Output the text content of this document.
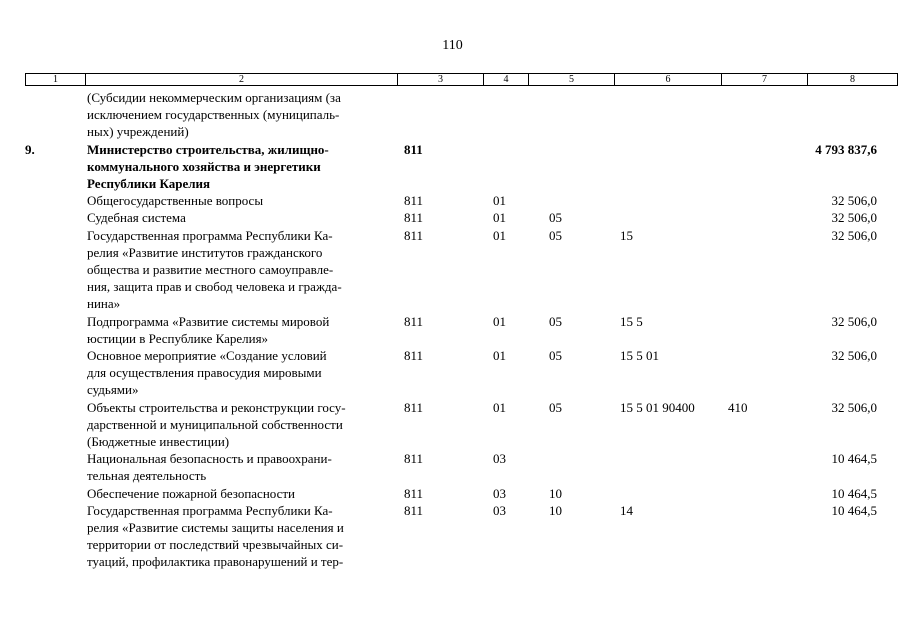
110
1	2	3	4	5	6	7	8
	(Субсидии некоммерческим организациям (за
исключением государственных (муниципаль-
ных) учреждений)						
9.	Министерство строительства, жилищно-
коммунального хозяйства и энергетики
Республики Карелия	811					4 793 837,6
	Общегосударственные вопросы	811	01				32 506,0
	Судебная система	811	01	05			32 506,0
	Государственная программа Республики Ка-
релия «Развитие институтов гражданского
общества и развитие местного самоуправле-
ния, защита прав и свобод человека и гражда-
нина»	811	01	05	15		32 506,0
	Подпрограмма «Развитие системы мировой
юстиции в Республике Карелия»	811	01	05	15 5		32 506,0
	Основное мероприятие «Создание условий
для осуществления правосудия мировыми
судьями»	811	01	05	15 5 01		32 506,0
	Объекты строительства и реконструкции госу-
дарственной и муниципальной собственности
(Бюджетные инвестиции)	811	01	05	15 5 01 90400	410	32 506,0
	Национальная безопасность и правоохрани-
тельная деятельность	811	03				10 464,5
	Обеспечение пожарной безопасности	811	03	10			10 464,5
	Государственная программа Республики Ка-
релия «Развитие системы защиты населения и
территории от последствий чрезвычайных си-
туаций, профилактика правонарушений и тер-	811	03	10	14		10 464,5
